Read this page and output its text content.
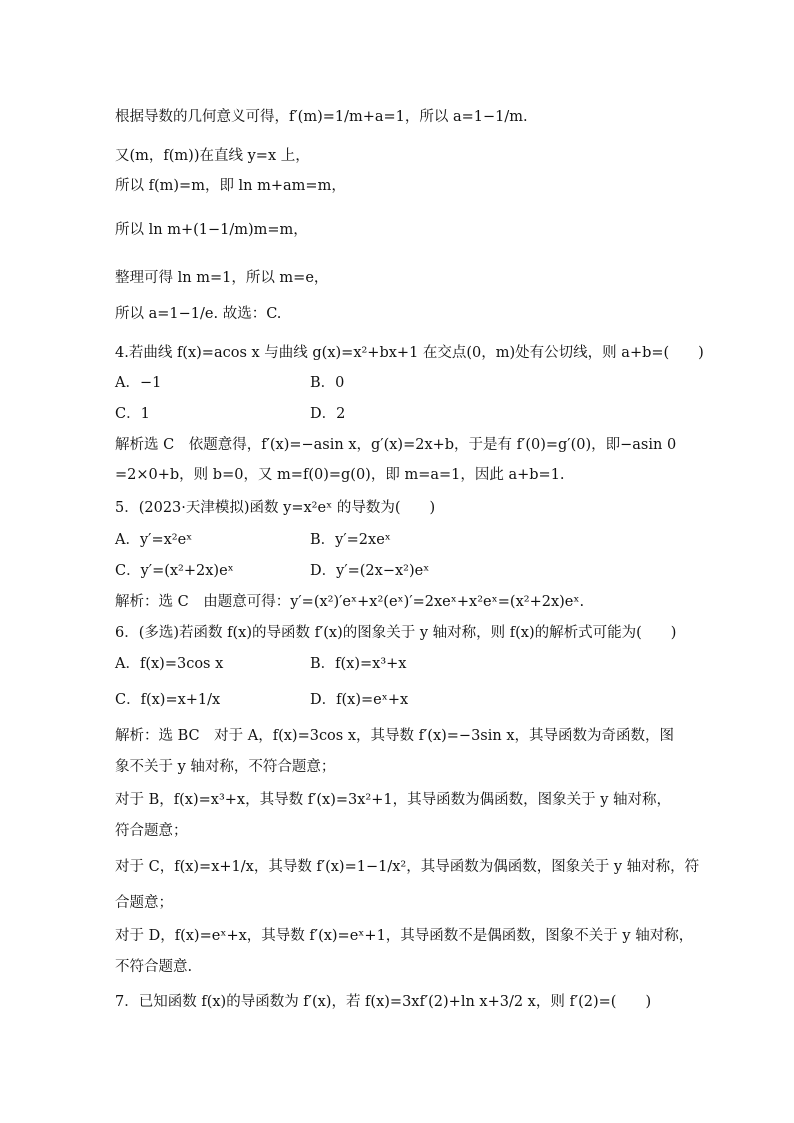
根据导数的几何意义可得，f′(m)=1/m+a=1，所以 a=1−1/m.
又(m，f(m))在直线 y=x 上，
所以 f(m)=m，即 ln m+am=m，
所以 ln m+(1−1/m)m=m，
整理可得 ln m=1，所以 m=e，
所以 a=1−1/e. 故选：C.
4.若曲线 f(x)=acos x 与曲线 g(x)=x²+bx+1 在交点(0，m)处有公切线，则 a+b=(　　)
A．−1	B．0
C．1	D．2
解析选 C　依题意得，f′(x)=−asin x，g′(x)=2x+b，于是有 f′(0)=g′(0)，即−asin 0
=2×0+b，则 b=0，又 m=f(0)=g(0)，即 m=a=1，因此 a+b=1.
5．(2023·天津模拟)函数 y=x²eˣ 的导数为(　　)
A．y′=x²eˣ	B．y′=2xeˣ
C．y′=(x²+2x)eˣ	D．y′=(2x−x²)eˣ
解析：选 C　由题意可得：y′=(x²)′eˣ+x²(eˣ)′=2xeˣ+x²eˣ=(x²+2x)eˣ.
6．(多选)若函数 f(x)的导函数 f′(x)的图象关于 y 轴对称，则 f(x)的解析式可能为(　　)
A．f(x)=3cos x	B．f(x)=x³+x
C．f(x)=x+1/x	D．f(x)=eˣ+x
解析：选 BC　对于 A，f(x)=3cos x，其导数 f′(x)=−3sin x，其导函数为奇函数，图
象不关于 y 轴对称，不符合题意；
对于 B，f(x)=x³+x，其导数 f′(x)=3x²+1，其导函数为偶函数，图象关于 y 轴对称，
符合题意；
对于 C，f(x)=x+1/x，其导数 f′(x)=1−1/x²，其导函数为偶函数，图象关于 y 轴对称，符
合题意；
对于 D，f(x)=eˣ+x，其导数 f′(x)=eˣ+1，其导函数不是偶函数，图象不关于 y 轴对称，
不符合题意.
7．已知函数 f(x)的导函数为 f′(x)，若 f(x)=3xf′(2)+ln x+3/2 x，则 f′(2)=(　　)
